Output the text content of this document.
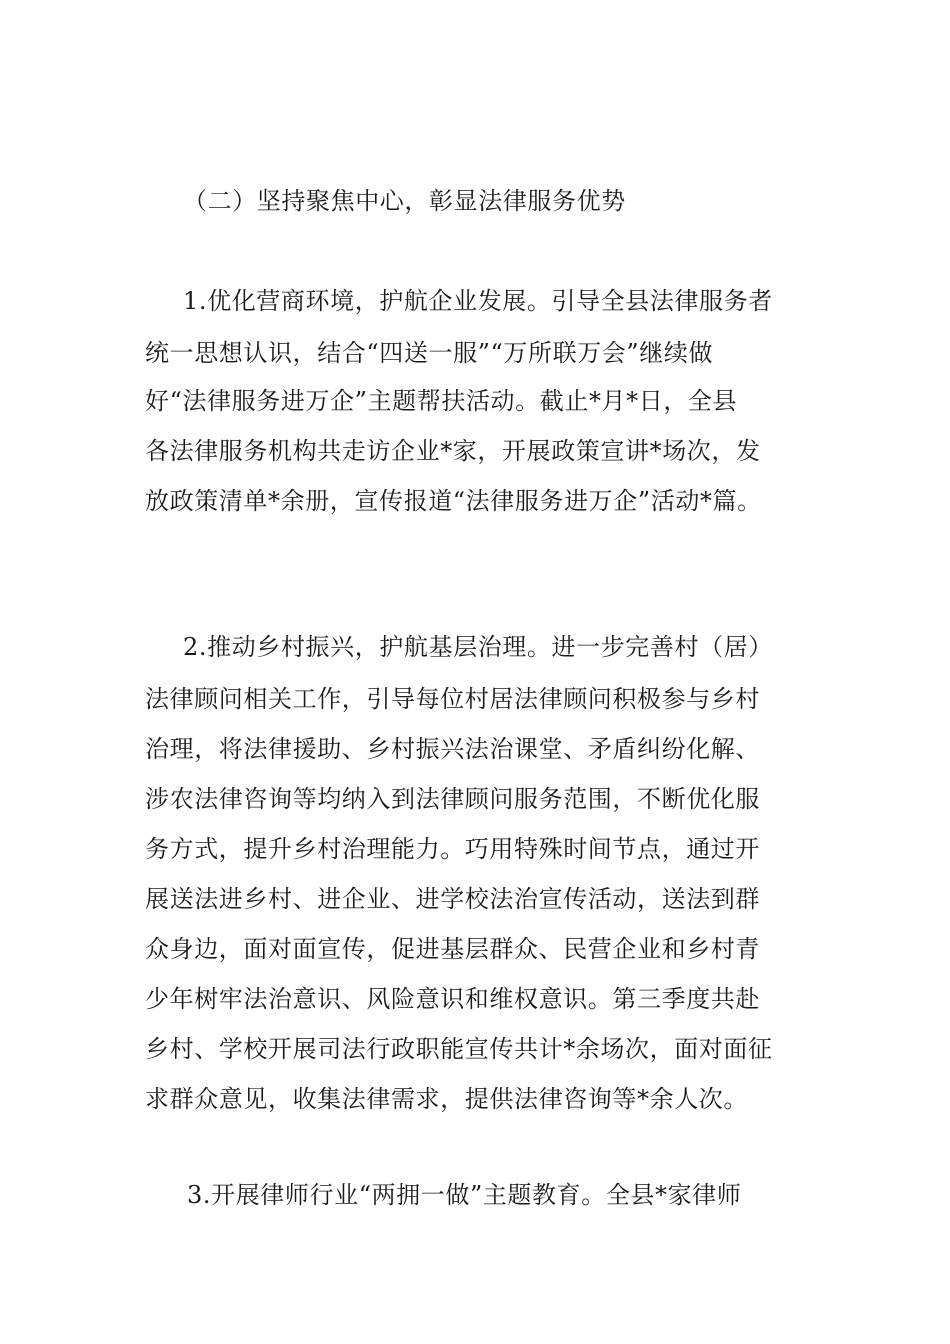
（二）坚持聚焦中心，彰显法律服务优势
1.优化营商环境，护航企业发展。引导全县法律服务者
统一思想认识，结合“四送一服”“万所联万会”继续做
好“法律服务进万企”主题帮扶活动。截止*月*日，全县
各法律服务机构共走访企业*家，开展政策宣讲*场次，发
放政策清单*余册，宣传报道“法律服务进万企”活动*篇。
2.推动乡村振兴，护航基层治理。进一步完善村（居）
法律顾问相关工作，引导每位村居法律顾问积极参与乡村
治理，将法律援助、乡村振兴法治课堂、矛盾纠纷化解、
涉农法律咨询等均纳入到法律顾问服务范围，不断优化服
务方式，提升乡村治理能力。巧用特殊时间节点，通过开
展送法进乡村、进企业、进学校法治宣传活动，送法到群
众身边，面对面宣传，促进基层群众、民营企业和乡村青
少年树牢法治意识、风险意识和维权意识。第三季度共赴
乡村、学校开展司法行政职能宣传共计*余场次，面对面征
求群众意见，收集法律需求，提供法律咨询等*余人次。
3.开展律师行业“两拥一做”主题教育。全县*家律师
